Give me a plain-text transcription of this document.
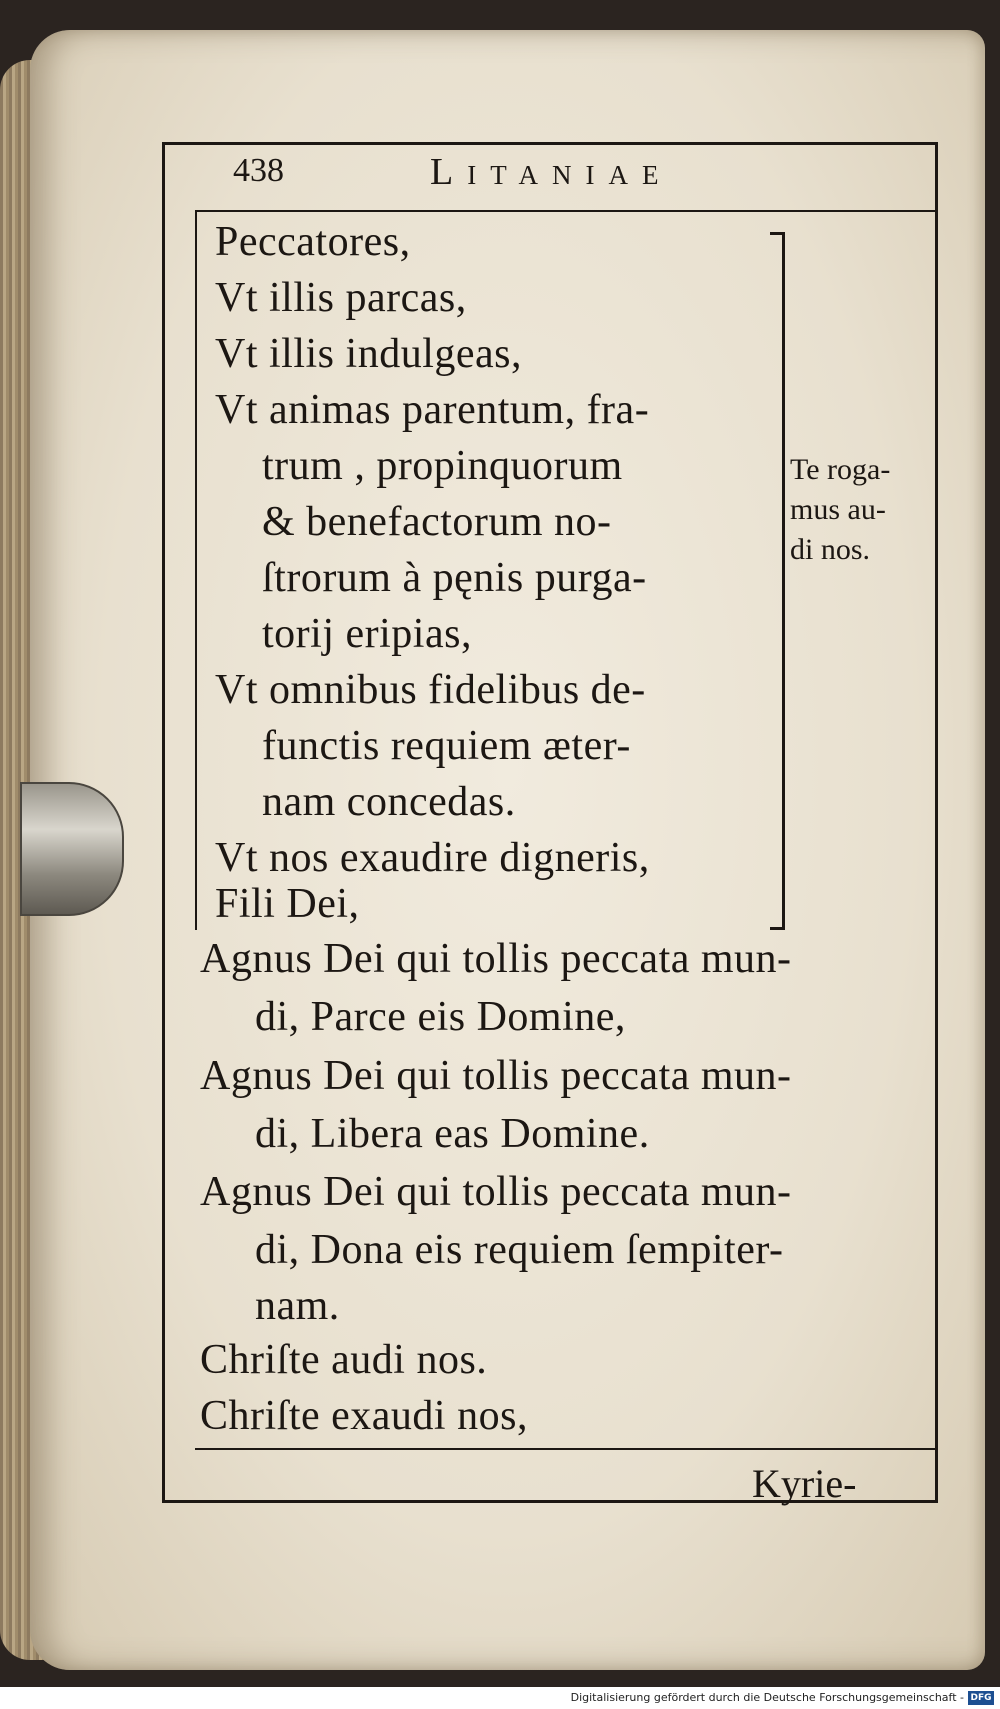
438	Litaniae
Peccatores,
Vt illis parcas,
Vt illis indulgeas,
Vt animas parentum, fra-
trum , propinquorum
& benefactorum no-
ſtrorum à pęnis purga-
torij eripias,
Vt omnibus fidelibus de-
functis requiem æter-
nam concedas.
Vt nos exaudire digneris,
Fili Dei,
Agnus Dei qui tollis peccata mun-
di, Parce eis Domine,
Agnus Dei qui tollis peccata mun-
di, Libera eas Domine.
Agnus Dei qui tollis peccata mun-
di, Dona eis requiem ſempiter-
nam.
Chriſte audi nos.
Chriſte exaudi nos,
Te roga-
mus au-
di nos.
Kyrie-
Digitalisierung gefördert durch die Deutsche Forschungsgemeinschaft - DFG
